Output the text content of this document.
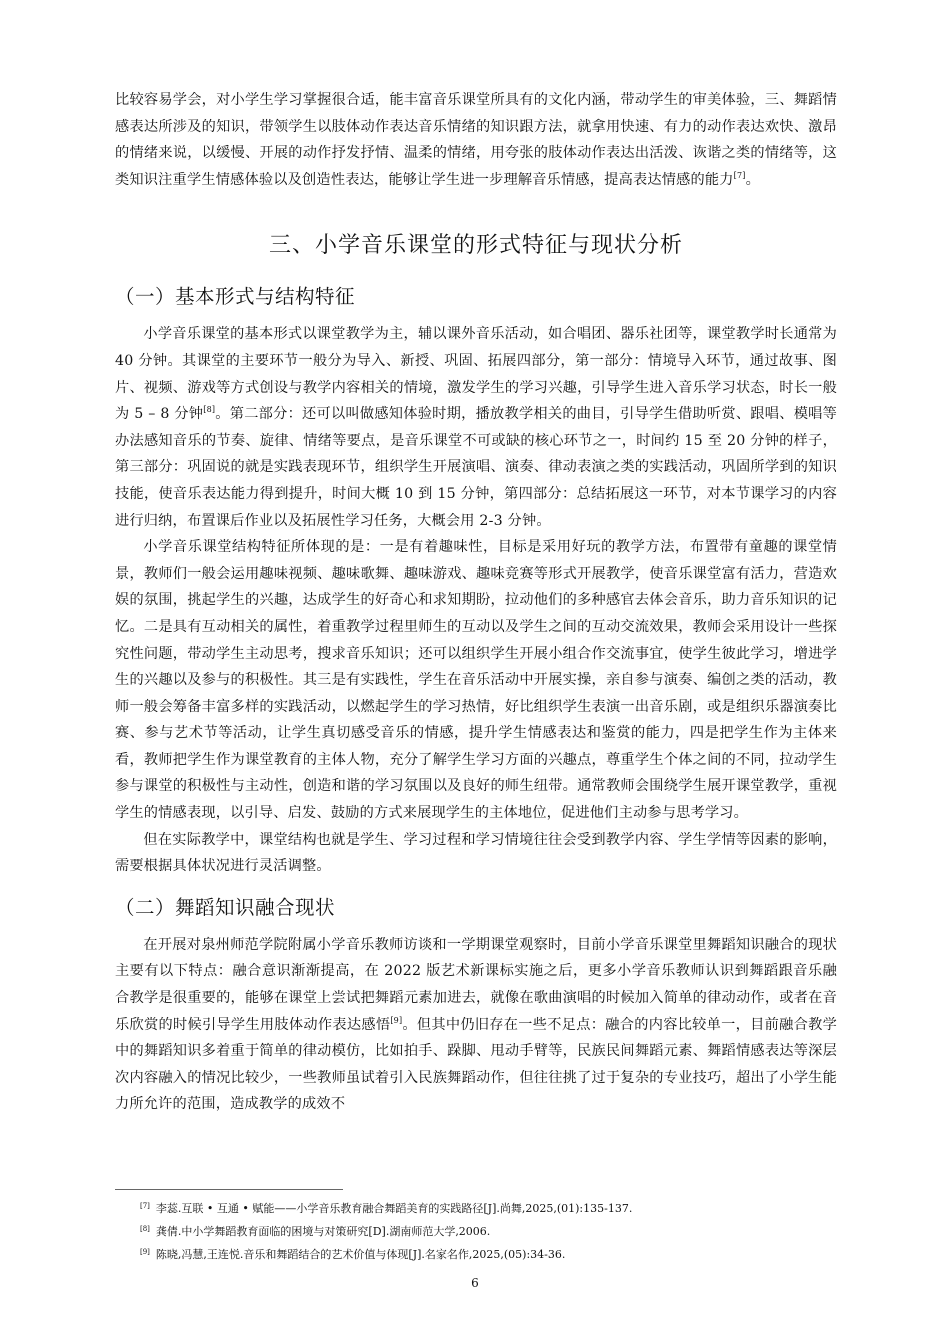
比较容易学会，对小学生学习掌握很合适，能丰富音乐课堂所具有的文化内涵，带动学生的审美体验，三、舞蹈情感表达所涉及的知识，带领学生以肢体动作表达音乐情绪的知识跟方法，就拿用快速、有力的动作表达欢快、激昂的情绪来说，以缓慢、开展的动作抒发抒情、温柔的情绪，用夸张的肢体动作表达出活泼、诙谐之类的情绪等，这类知识注重学生情感体验以及创造性表达，能够让学生进一步理解音乐情感，提高表达情感的能力[7]。

三、小学音乐课堂的形式特征与现状分析
（一）基本形式与结构特征

小学音乐课堂的基本形式以课堂教学为主，辅以课外音乐活动，如合唱团、器乐社团等，课堂教学时长通常为 40 分钟。其课堂的主要环节一般分为导入、新授、巩固、拓展四部分，第一部分：情境导入环节，通过故事、图片、视频、游戏等方式创设与教学内容相关的情境，激发学生的学习兴趣，引导学生进入音乐学习状态，时长一般为 5 – 8 分钟[8]。第二部分：还可以叫做感知体验时期，播放教学相关的曲目，引导学生借助听赏、跟唱、模唱等办法感知音乐的节奏、旋律、情绪等要点，是音乐课堂不可或缺的核心环节之一，时间约 15 至 20 分钟的样子，第三部分：巩固说的就是实践表现环节，组织学生开展演唱、演奏、律动表演之类的实践活动，巩固所学到的知识技能，使音乐表达能力得到提升，时间大概 10 到 15 分钟，第四部分：总结拓展这一环节，对本节课学习的内容进行归纳，布置课后作业以及拓展性学习任务，大概会用 2-3 分钟。

小学音乐课堂结构特征所体现的是：一是有着趣味性，目标是采用好玩的教学方法，布置带有童趣的课堂情景，教师们一般会运用趣味视频、趣味歌舞、趣味游戏、趣味竞赛等形式开展教学，使音乐课堂富有活力，营造欢娱的氛围，挑起学生的兴趣，达成学生的好奇心和求知期盼，拉动他们的多种感官去体会音乐，助力音乐知识的记忆。二是具有互动相关的属性，着重教学过程里师生的互动以及学生之间的互动交流效果，教师会采用设计一些探究性问题，带动学生主动思考，搜求音乐知识；还可以组织学生开展小组合作交流事宜，使学生彼此学习，增进学生的兴趣以及参与的积极性。其三是有实践性，学生在音乐活动中开展实操，亲自参与演奏、编创之类的活动，教师一般会筹备丰富多样的实践活动，以燃起学生的学习热情，好比组织学生表演一出音乐剧，或是组织乐器演奏比赛、参与艺术节等活动，让学生真切感受音乐的情感，提升学生情感表达和鉴赏的能力，四是把学生作为主体来看，教师把学生作为课堂教育的主体人物，充分了解学生学习方面的兴趣点，尊重学生个体之间的不同，拉动学生参与课堂的积极性与主动性，创造和谐的学习氛围以及良好的师生纽带。通常教师会围绕学生展开课堂教学，重视学生的情感表现，以引导、启发、鼓励的方式来展现学生的主体地位，促进他们主动参与思考学习。

但在实际教学中，课堂结构也就是学生、学习过程和学习情境往往会受到教学内容、学生学情等因素的影响，需要根据具体状况进行灵活调整。

（二）舞蹈知识融合现状

在开展对泉州师范学院附属小学音乐教师访谈和一学期课堂观察时，目前小学音乐课堂里舞蹈知识融合的现状主要有以下特点：融合意识渐渐提高，在 2022 版艺术新课标实施之后，更多小学音乐教师认识到舞蹈跟音乐融合教学是很重要的，能够在课堂上尝试把舞蹈元素加进去，就像在歌曲演唱的时候加入简单的律动动作，或者在音乐欣赏的时候引导学生用肢体动作表达感悟[9]。但其中仍旧存在一些不足点：融合的内容比较单一，目前融合教学中的舞蹈知识多着重于简单的律动模仿，比如拍手、跺脚、甩动手臂等，民族民间舞蹈元素、舞蹈情感表达等深层次内容融入的情况比较少，一些教师虽试着引入民族舞蹈动作，但往往挑了过于复杂的专业技巧，超出了小学生能力所允许的范围，造成教学的成效不

[7] 李蕊.互联 • 互通 • 赋能——小学音乐教育融合舞蹈美育的实践路径[J].尚舞,2025,(01):135-137.
[8] 龚倩.中小学舞蹈教育面临的困境与对策研究[D].湖南师范大学,2006.
[9] 陈晓,冯慧,王连悦.音乐和舞蹈结合的艺术价值与体现[J].名家名作,2025,(05):34-36.
6
